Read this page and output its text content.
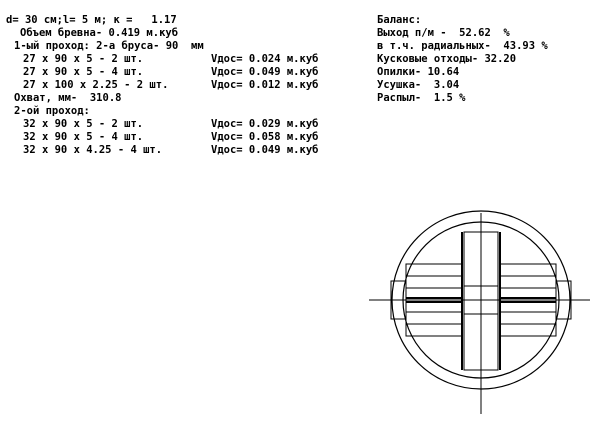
d= 30 см;l= 5 м; к =   1.17
Объем бревна- 0.419 м.куб
1-ый проход: 2-а бруса- 90  мм
27 x 90 x 5 - 2 шт.	Vдос= 0.024 м.куб
27 x 90 x 5 - 4 шт.	Vдос= 0.049 м.куб
27 x 100 x 2.25 - 2 шт.	Vдос= 0.012 м.куб
Охват, мм-  310.8
2-ой проход:
32 x 90 x 5 - 2 шт.	Vдос= 0.029 м.куб
32 x 90 x 5 - 4 шт.	Vдос= 0.058 м.куб
32 x 90 x 4.25 - 4 шт.	Vдос= 0.049 м.куб
Баланс:
Выход п/м -  52.62  %
в т.ч. радиальных-  43.93 %
Кусковые отходы- 32.20
Опилки- 10.64
Усушка-  3.04
Распыл-  1.5 %
